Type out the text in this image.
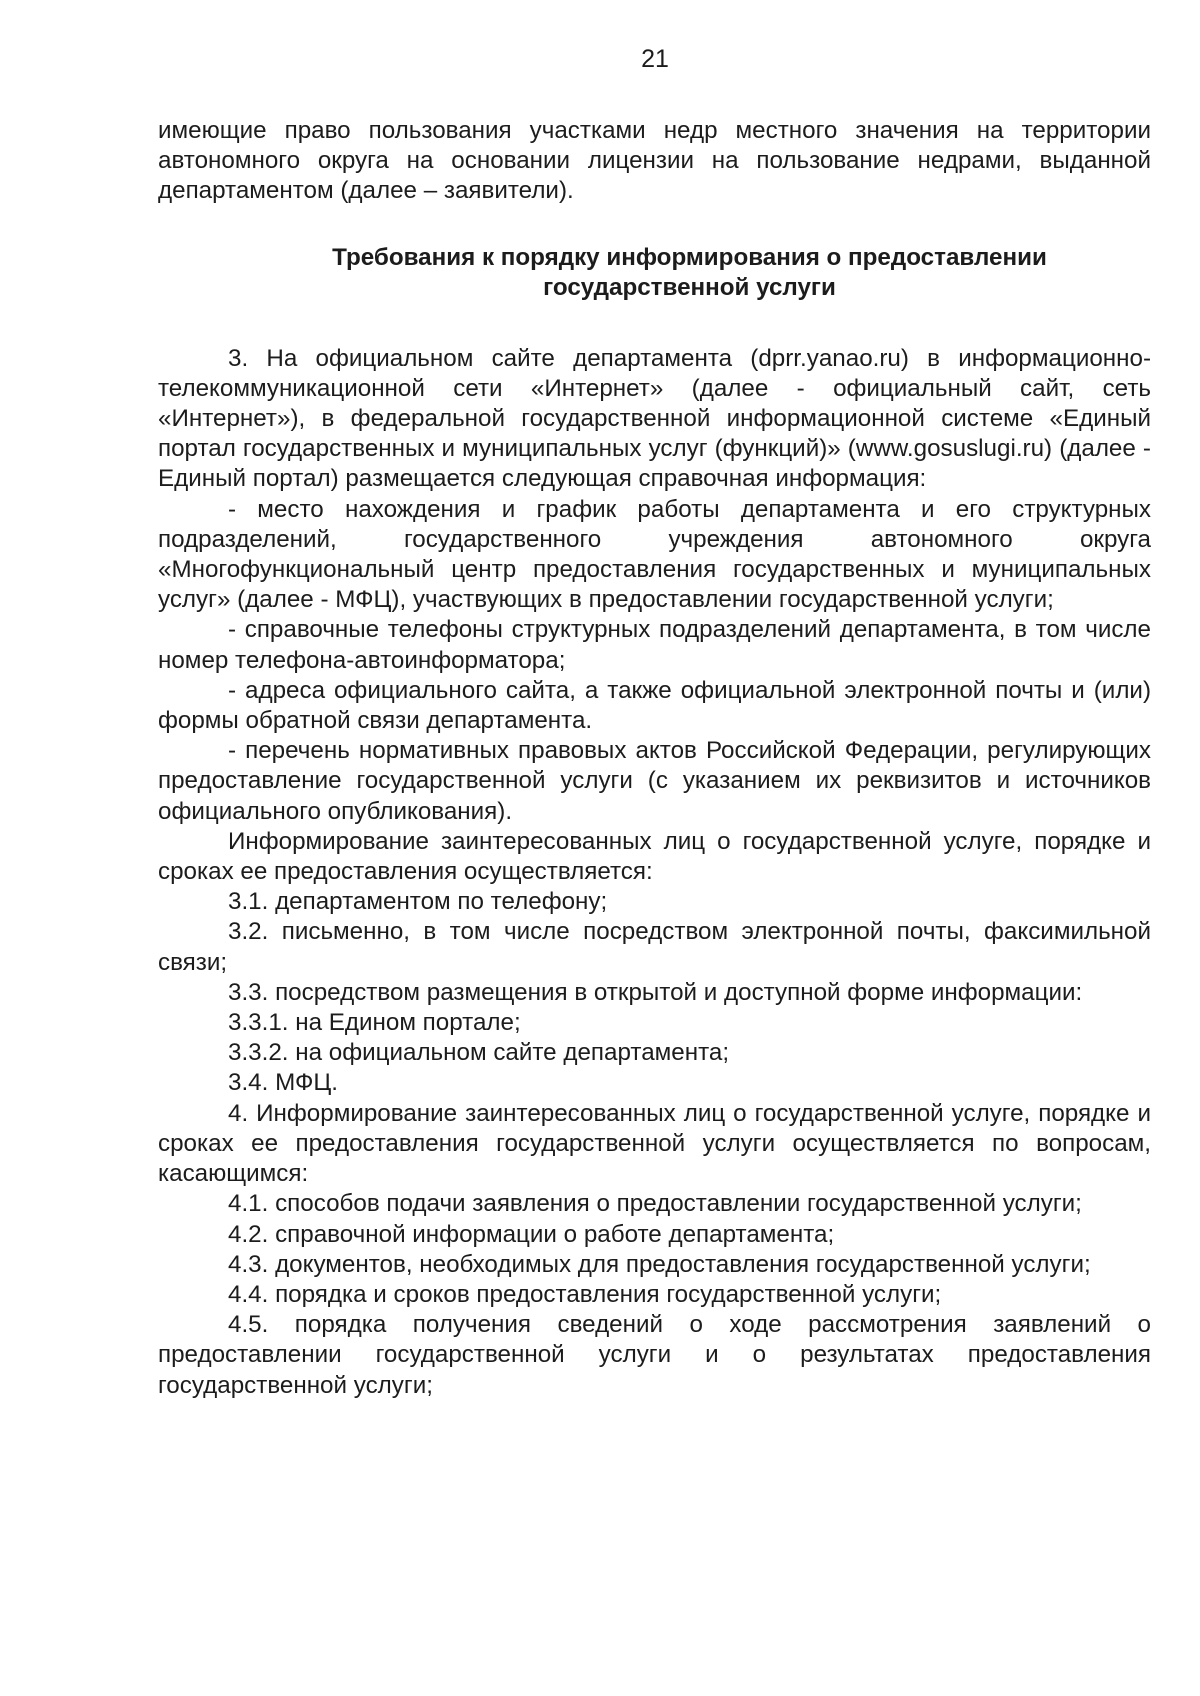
21

имеющие право пользования участками недр местного значения на территории автономного округа на основании лицензии на пользование недрами, выданной департаментом (далее – заявители).

Требования к порядку информирования о предоставлении государственной услуги

3. На официальном сайте департамента (dprr.yanao.ru) в информационно-телекоммуникационной сети «Интернет» (далее - официальный сайт, сеть «Интернет»), в федеральной государственной информационной системе «Единый портал государственных и муниципальных услуг (функций)» (www.gosuslugi.ru) (далее - Единый портал) размещается следующая справочная информация:

- место нахождения и график работы департамента и его структурных подразделений, государственного учреждения автономного округа «Многофункциональный центр предоставления государственных и муниципальных услуг» (далее - МФЦ), участвующих в предоставлении государственной услуги;

- справочные телефоны структурных подразделений департамента, в том числе номер телефона-автоинформатора;

- адреса официального сайта, а также официальной электронной почты и (или) формы обратной связи департамента.

- перечень нормативных правовых актов Российской Федерации, регулирующих предоставление государственной услуги (с указанием их реквизитов и источников официального опубликования).

Информирование заинтересованных лиц о государственной услуге, порядке и сроках ее предоставления осуществляется:

3.1. департаментом по телефону;

3.2. письменно, в том числе посредством электронной почты, факсимильной связи;

3.3. посредством размещения в открытой и доступной форме информации:

3.3.1. на Едином портале;

3.3.2. на официальном сайте департамента;

3.4. МФЦ.

4. Информирование заинтересованных лиц о государственной услуге, порядке и сроках ее предоставления государственной услуги осуществляется по вопросам, касающимся:

4.1. способов подачи заявления о предоставлении государственной услуги;

4.2. справочной информации о работе департамента;

4.3. документов, необходимых для предоставления государственной услуги;

4.4. порядка и сроков предоставления государственной услуги;

4.5. порядка получения сведений о ходе рассмотрения заявлений о предоставлении государственной услуги и о результатах предоставления государственной услуги;
